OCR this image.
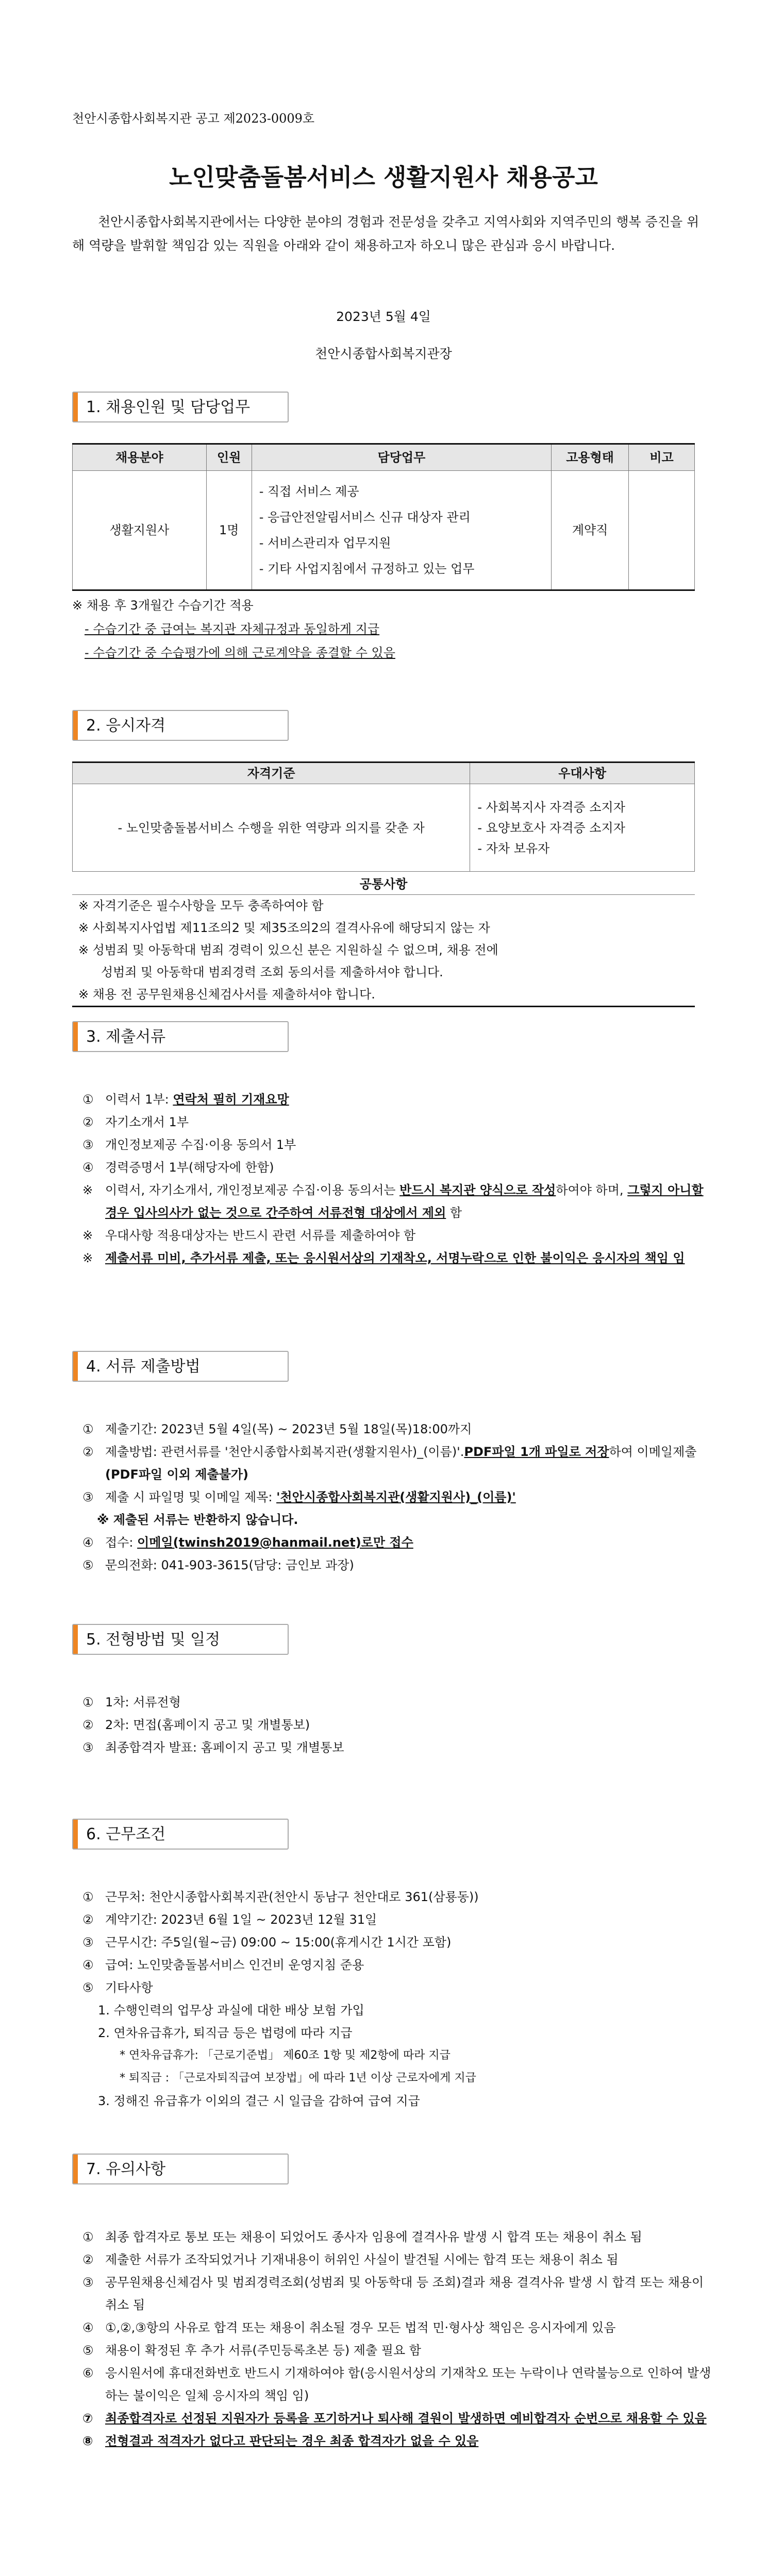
천안시종합사회복지관 공고 제2023-0009호
노인맞춤돌봄서비스 생활지원사 채용공고
천안시종합사회복지관에서는 다양한 분야의 경험과 전문성을 갖추고 지역사회와 지역주민의 행복 증진을 위해 역량을 발휘할 책임감 있는 직원을 아래와 같이 채용하고자 하오니 많은 관심과 응시 바랍니다.
2023년 5월 4일
천안시종합사회복지관장
1. 채용인원 및 담당업무
채용분야	인원	담당업무	고용형태	비고
생활지원사	1명	- 직접 서비스 제공
- 응급안전알림서비스 신규 대상자 관리
- 서비스관리자 업무지원
- 기타 사업지침에서 규정하고 있는 업무	계약직	
※ 채용 후 3개월간 수습기간 적용
- 수습기간 중 급여는 복지관 자체규정과 동일하게 지급
- 수습기간 중 수습평가에 의해 근로계약을 종결할 수 있음
2. 응시자격
자격기준	우대사항
- 노인맞춤돌봄서비스 수행을 위한 역량과 의지를 갖춘 자	- 사회복지사 자격증 소지자
- 요양보호사 자격증 소지자
- 자차 보유자
공통사항
※ 자격기준은 필수사항을 모두 충족하여야 함
※ 사회복지사업법 제11조의2 및 제35조의2의 결격사유에 해당되지 않는 자
※ 성범죄 및 아동학대 범죄 경력이 있으신 분은 지원하실 수 없으며, 채용 전에
성범죄 및 아동학대 범죄경력 조회 동의서를 제출하셔야 합니다.
※ 채용 전 공무원채용신체검사서를 제출하셔야 합니다.
3. 제출서류
① 이력서 1부: 연락처 필히 기재요망
② 자기소개서 1부
③ 개인정보제공 수집·이용 동의서 1부
④ 경력증명서 1부(해당자에 한함)
※ 이력서, 자기소개서, 개인정보제공 수집·이용 동의서는 반드시 복지관 양식으로 작성하여야 하며, 그렇지 아니할 경우 입사의사가 없는 것으로 간주하여 서류전형 대상에서 제외 함
※ 우대사항 적용대상자는 반드시 관련 서류를 제출하여야 함
※ 제출서류 미비, 추가서류 제출, 또는 응시원서상의 기재착오, 서명누락으로 인한 불이익은 응시자의 책임 임
4. 서류 제출방법
① 제출기간: 2023년 5월 4일(목) ~ 2023년 5월 18일(목)18:00까지
② 제출방법: 관련서류를 '천안시종합사회복지관(생활지원사)_(이름)'.PDF파일 1개 파일로 저장하여 이메일제출 (PDF파일 이외 제출불가)
③ 제출 시 파일명 및 이메일 제목: '천안시종합사회복지관(생활지원사)_(이름)'
※ 제출된 서류는 반환하지 않습니다.
④ 접수: 이메일(twinsh2019@hanmail.net)로만 접수
⑤ 문의전화: 041-903-3615(담당: 금인보 과장)
5. 전형방법 및 일정
① 1차: 서류전형
② 2차: 면접(홈페이지 공고 및 개별통보)
③ 최종합격자 발표: 홈페이지 공고 및 개별통보
6. 근무조건
① 근무처: 천안시종합사회복지관(천안시 동남구 천안대로 361(삼룡동))
② 계약기간: 2023년 6월 1일 ~ 2023년 12월 31일
③ 근무시간: 주5일(월~금) 09:00 ~ 15:00(휴게시간 1시간 포함)
④ 급여: 노인맞춤돌봄서비스 인건비 운영지침 준용
⑤ 기타사항
1. 수행인력의 업무상 과실에 대한 배상 보험 가입
2. 연차유급휴가, 퇴직금 등은 법령에 따라 지급
* 연차유급휴가: 「근로기준법」 제60조 1항 및 제2항에 따라 지급
* 퇴직금 : 「근로자퇴직급여 보장법」에 따라 1년 이상 근로자에게 지급
3. 정해진 유급휴가 이외의 결근 시 일급을 감하여 급여 지급
7. 유의사항
① 최종 합격자로 통보 또는 채용이 되었어도 종사자 임용에 결격사유 발생 시 합격 또는 채용이 취소 됨
② 제출한 서류가 조작되었거나 기재내용이 허위인 사실이 발견될 시에는 합격 또는 채용이 취소 됨
③ 공무원채용신체검사 및 범죄경력조회(성범죄 및 아동학대 등 조회)결과 채용 결격사유 발생 시 합격 또는 채용이 취소 됨
④ ①,②,③항의 사유로 합격 또는 채용이 취소될 경우 모든 법적 민·형사상 책임은 응시자에게 있음
⑤ 채용이 확정된 후 추가 서류(주민등록초본 등) 제출 필요 함
⑥ 응시원서에 휴대전화번호 반드시 기재하여야 함(응시원서상의 기재착오 또는 누락이나 연락불능으로 인하여 발생하는 불이익은 일체 응시자의 책임 임)
⑦ 최종합격자로 선정된 지원자가 등록을 포기하거나 퇴사해 결원이 발생하면 예비합격자 순번으로 채용할 수 있음
⑧ 전형결과 적격자가 없다고 판단되는 경우 최종 합격자가 없을 수 있음
